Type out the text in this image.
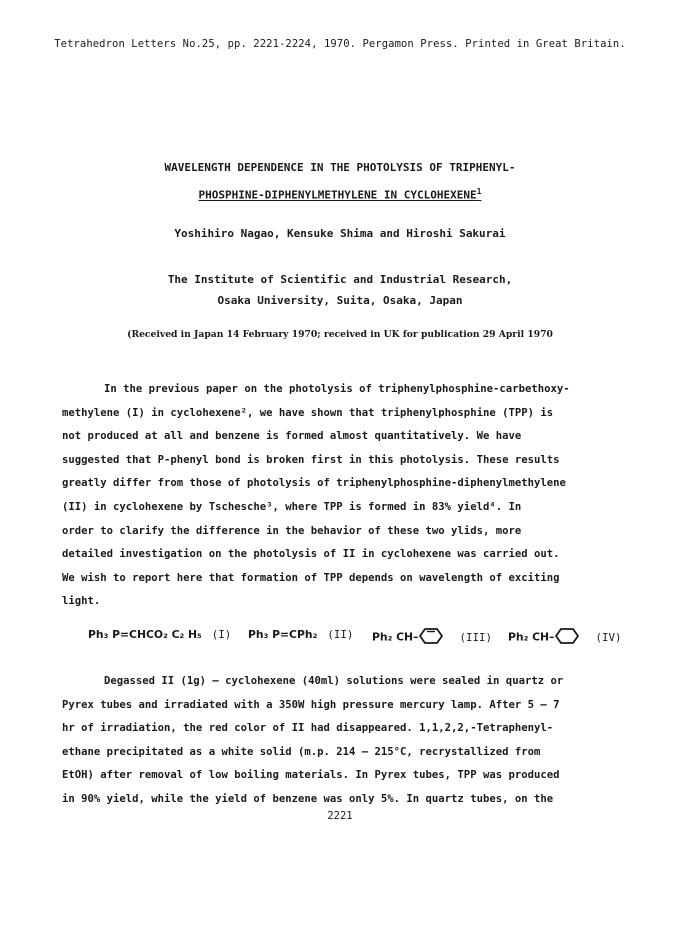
Tetrahedron Letters No.25, pp. 2221-2224, 1970. Pergamon Press. Printed in Great Britain.
WAVELENGTH DEPENDENCE IN THE PHOTOLYSIS OF TRIPHENYL-
PHOSPHINE-DIPHENYLMETHYLENE IN CYCLOHEXENE$^1$
Yoshihiro Nagao, Kensuke Shima and Hiroshi Sakurai
The Institute of Scientific and Industrial Research,
Osaka University, Suita, Osaka, Japan
(Received in Japan 14 February 1970; received in UK for publication 29 April 1970
In the previous paper on the photolysis of triphenylphosphine-carbethoxy-
methylene (I) in cyclohexene², we have shown that triphenylphosphine (TPP) is
not produced at all and benzene is formed almost quantitatively. We have
suggested that P-phenyl bond is broken first in this photolysis. These results
greatly differ from those of photolysis of triphenylphosphine-diphenylmethylene
(II) in cyclohexene by Tschesche³, where TPP is formed in 83% yield⁴. In
order to clarify the difference in the behavior of these two ylids, more
detailed investigation on the photolysis of II in cyclohexene was carried out.
We wish to report here that formation of TPP depends on wavelength of exciting
light.
Ph₃ P=CHCO₂ C₂ H₅ (I) Ph₃ P=CPh₂ (II) Ph₂ CH–	(III) Ph₂ CH–	(IV)
Degassed II (1g) — cyclohexene (40ml) solutions were sealed in quartz or
Pyrex tubes and irradiated with a 350W high pressure mercury lamp. After 5 – 7
hr of irradiation, the red color of II had disappeared. 1,1,2,2,-Tetraphenyl-
ethane precipitated as a white solid (m.p. 214 – 215°C, recrystallized from
EtOH) after removal of low boiling materials. In Pyrex tubes, TPP was produced
in 90% yield, while the yield of benzene was only 5%. In quartz tubes, on the
2221
